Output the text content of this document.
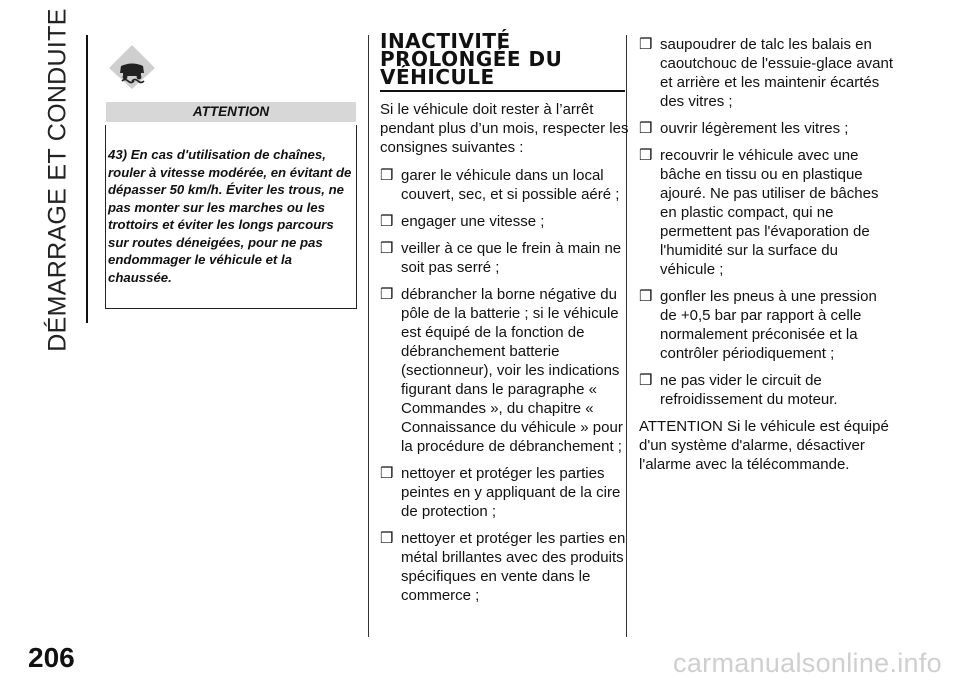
DÉMARRAGE ET CONDUITE	ATTENTION
43) En cas d'utilisation de chaînes, rouler à vitesse modérée, en évitant de dépasser 50 km/h. Éviter les trous, ne pas monter sur les marches ou les trottoirs et éviter les longs parcours sur routes déneigées, pour ne pas endommager le véhicule et la chaussée.
INACTIVITÉ
PROLONGÉE DU
VÉHICULE

Si le véhicule doit rester à l’arrêt pendant plus d’un mois, respecter les consignes suivantes :

❒ garer le véhicule dans un local couvert, sec, et si possible aéré ;
❒ engager une vitesse ;
❒ veiller à ce que le frein à main ne soit pas serré ;
❒ débrancher la borne négative du pôle de la batterie ; si le véhicule est équipé de la fonction de débranchement batterie (sectionneur), voir les indications figurant dans le paragraphe « Commandes », du chapitre « Connaissance du véhicule » pour la procédure de débranchement ;
❒ nettoyer et protéger les parties peintes en y appliquant de la cire de protection ;
❒ nettoyer et protéger les parties en métal brillantes avec des produits spécifiques en vente dans le commerce ;
❒ saupoudrer de talc les balais en caoutchouc de l'essuie-glace avant et arrière et les maintenir écartés des vitres ;
❒ ouvrir légèrement les vitres ;
❒ recouvrir le véhicule avec une bâche en tissu ou en plastique ajouré. Ne pas utiliser de bâches en plastic compact, qui ne permettent pas l'évaporation de l'humidité sur la surface du véhicule ;
❒ gonfler les pneus à une pression de +0,5 bar par rapport à celle normalement préconisée et la contrôler périodiquement ;
❒ ne pas vider le circuit de refroidissement du moteur.

ATTENTION Si le véhicule est équipé d'un système d'alarme, désactiver l'alarme avec la télécommande.

206	carmanualsonline.info
